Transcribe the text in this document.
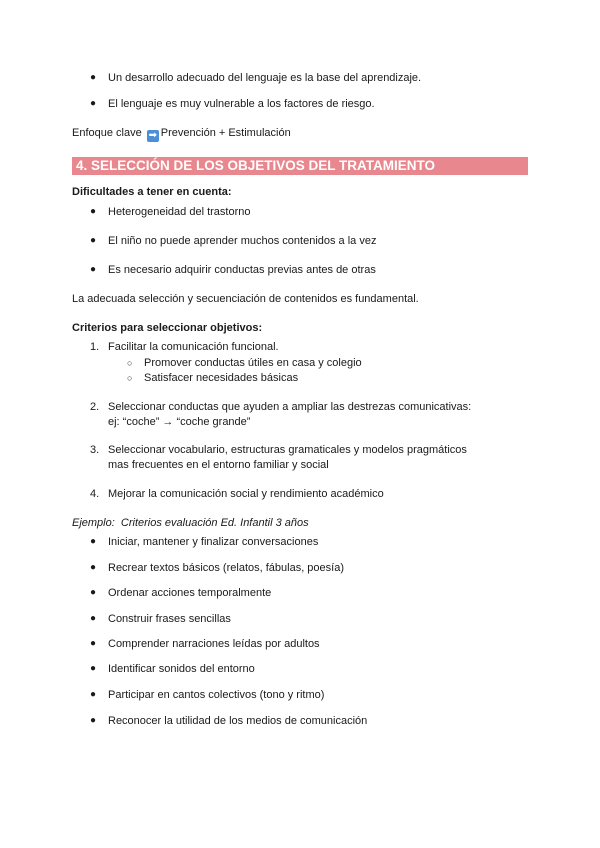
● Un desarrollo adecuado del lenguaje es la base del aprendizaje.
● El lenguaje es muy vulnerable a los factores de riesgo.
Enfoque clave ➡ Prevención + Estimulación
4. SELECCIÓN DE LOS OBJETIVOS DEL TRATAMIENTO
Dificultades a tener en cuenta:
● Heterogeneidad del trastorno
● El niño no puede aprender muchos contenidos a la vez
● Es necesario adquirir conductas previas antes de otras
La adecuada selección y secuenciación de contenidos es fundamental.
Criterios para seleccionar objetivos:
1. Facilitar la comunicación funcional.
○ Promover conductas útiles en casa y colegio
○ Satisfacer necesidades básicas
2. Seleccionar conductas que ayuden a ampliar las destrezas comunicativas:
ej: “coche” → “coche grande”
3. Seleccionar vocabulario, estructuras gramaticales y modelos pragmáticos
mas frecuentes en el entorno familiar y social
4. Mejorar la comunicación social y rendimiento académico
Ejemplo:  Criterios evaluación Ed. Infantil 3 años
● Iniciar, mantener y finalizar conversaciones
● Recrear textos básicos (relatos, fábulas, poesía)
● Ordenar acciones temporalmente
● Construir frases sencillas
● Comprender narraciones leídas por adultos
● Identificar sonidos del entorno
● Participar en cantos colectivos (tono y ritmo)
● Reconocer la utilidad de los medios de comunicación
